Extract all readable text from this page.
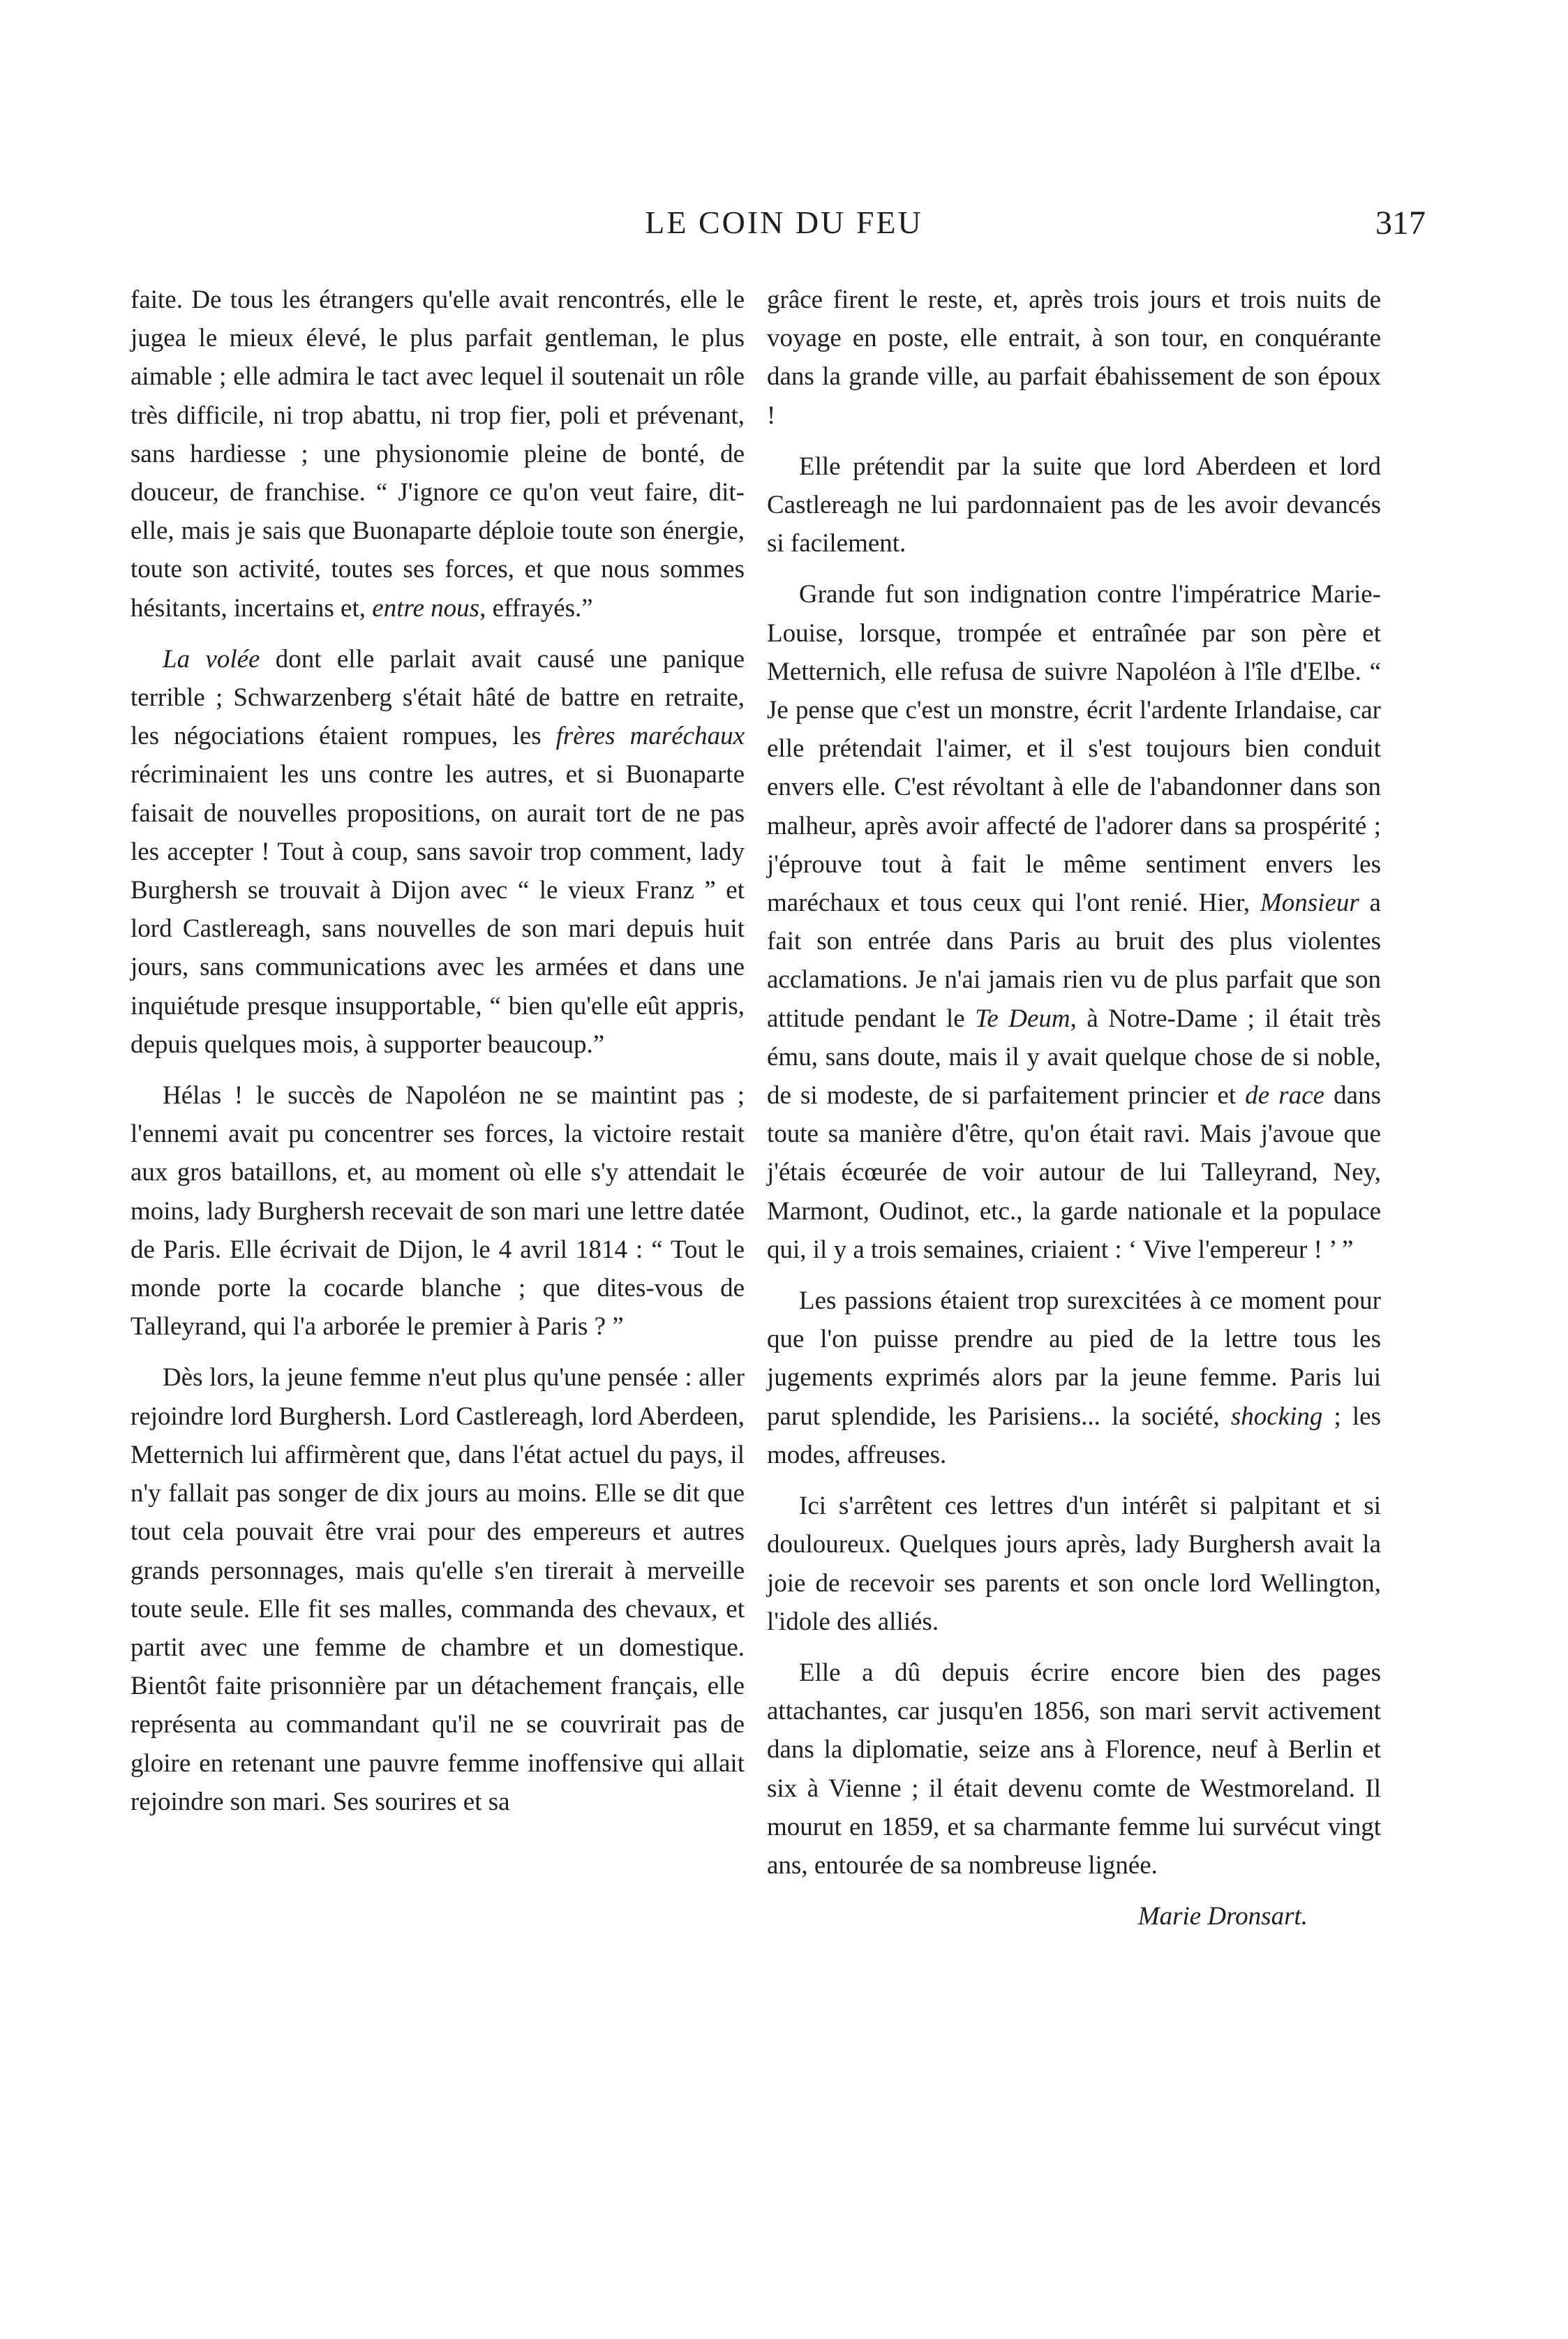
LE COIN DU FEU	317

faite. De tous les étrangers qu'elle avait rencontrés, elle le jugea le mieux élevé, le plus parfait gentleman, le plus aimable ; elle admira le tact avec lequel il soutenait un rôle très difficile, ni trop abattu, ni trop fier, poli et prévenant, sans hardiesse ; une physionomie pleine de bonté, de douceur, de franchise. “ J'ignore ce qu'on veut faire, dit-elle, mais je sais que Buonaparte déploie toute son énergie, toute son activité, toutes ses forces, et que nous sommes hésitants, incertains et, entre nous, effrayés.”

La volée dont elle parlait avait causé une panique terrible ; Schwarzenberg s'était hâté de battre en retraite, les négociations étaient rompues, les frères maréchaux récriminaient les uns contre les autres, et si Buonaparte faisait de nouvelles propositions, on aurait tort de ne pas les accepter ! Tout à coup, sans savoir trop comment, lady Burghersh se trouvait à Dijon avec “ le vieux Franz ” et lord Castlereagh, sans nouvelles de son mari depuis huit jours, sans communications avec les armées et dans une inquiétude presque insupportable, “ bien qu'elle eût appris, depuis quelques mois, à supporter beaucoup.”

Hélas ! le succès de Napoléon ne se maintint pas ; l'ennemi avait pu concentrer ses forces, la victoire restait aux gros bataillons, et, au moment où elle s'y attendait le moins, lady Burghersh recevait de son mari une lettre datée de Paris. Elle écrivait de Dijon, le 4 avril 1814 : “ Tout le monde porte la cocarde blanche ; que dites-vous de Talleyrand, qui l'a arborée le premier à Paris ? ”

Dès lors, la jeune femme n'eut plus qu'une pensée : aller rejoindre lord Burghersh. Lord Castlereagh, lord Aberdeen, Metternich lui affirmèrent que, dans l'état actuel du pays, il n'y fallait pas songer de dix jours au moins. Elle se dit que tout cela pouvait être vrai pour des empereurs et autres grands personnages, mais qu'elle s'en tirerait à merveille toute seule. Elle fit ses malles, commanda des chevaux, et partit avec une femme de chambre et un domestique. Bientôt faite prisonnière par un détachement français, elle représenta au commandant qu'il ne se couvrirait pas de gloire en retenant une pauvre femme inoffensive qui allait rejoindre son mari. Ses sourires et sa

grâce firent le reste, et, après trois jours et trois nuits de voyage en poste, elle entrait, à son tour, en conquérante dans la grande ville, au parfait ébahissement de son époux !

Elle prétendit par la suite que lord Aberdeen et lord Castlereagh ne lui pardonnaient pas de les avoir devancés si facilement.

Grande fut son indignation contre l'impératrice Marie-Louise, lorsque, trompée et entraînée par son père et Metternich, elle refusa de suivre Napoléon à l'île d'Elbe. “ Je pense que c'est un monstre, écrit l'ardente Irlandaise, car elle prétendait l'aimer, et il s'est toujours bien conduit envers elle. C'est révoltant à elle de l'abandonner dans son malheur, après avoir affecté de l'adorer dans sa prospérité ; j'éprouve tout à fait le même sentiment envers les maréchaux et tous ceux qui l'ont renié. Hier, Monsieur a fait son entrée dans Paris au bruit des plus violentes acclamations. Je n'ai jamais rien vu de plus parfait que son attitude pendant le Te Deum, à Notre-Dame ; il était très ému, sans doute, mais il y avait quelque chose de si noble, de si modeste, de si parfaitement princier et de race dans toute sa manière d'être, qu'on était ravi. Mais j'avoue que j'étais écœurée de voir autour de lui Talleyrand, Ney, Marmont, Oudinot, etc., la garde nationale et la populace qui, il y a trois semaines, criaient : ‘ Vive l'empereur ! ’ ”

Les passions étaient trop surexcitées à ce moment pour que l'on puisse prendre au pied de la lettre tous les jugements exprimés alors par la jeune femme. Paris lui parut splendide, les Parisiens... la société, shocking ; les modes, affreuses.

Ici s'arrêtent ces lettres d'un intérêt si palpitant et si douloureux. Quelques jours après, lady Burghersh avait la joie de recevoir ses parents et son oncle lord Wellington, l'idole des alliés.

Elle a dû depuis écrire encore bien des pages attachantes, car jusqu'en 1856, son mari servit activement dans la diplomatie, seize ans à Florence, neuf à Berlin et six à Vienne ; il était devenu comte de Westmoreland. Il mourut en 1859, et sa charmante femme lui survécut vingt ans, entourée de sa nombreuse lignée.

Marie Dronsart.
